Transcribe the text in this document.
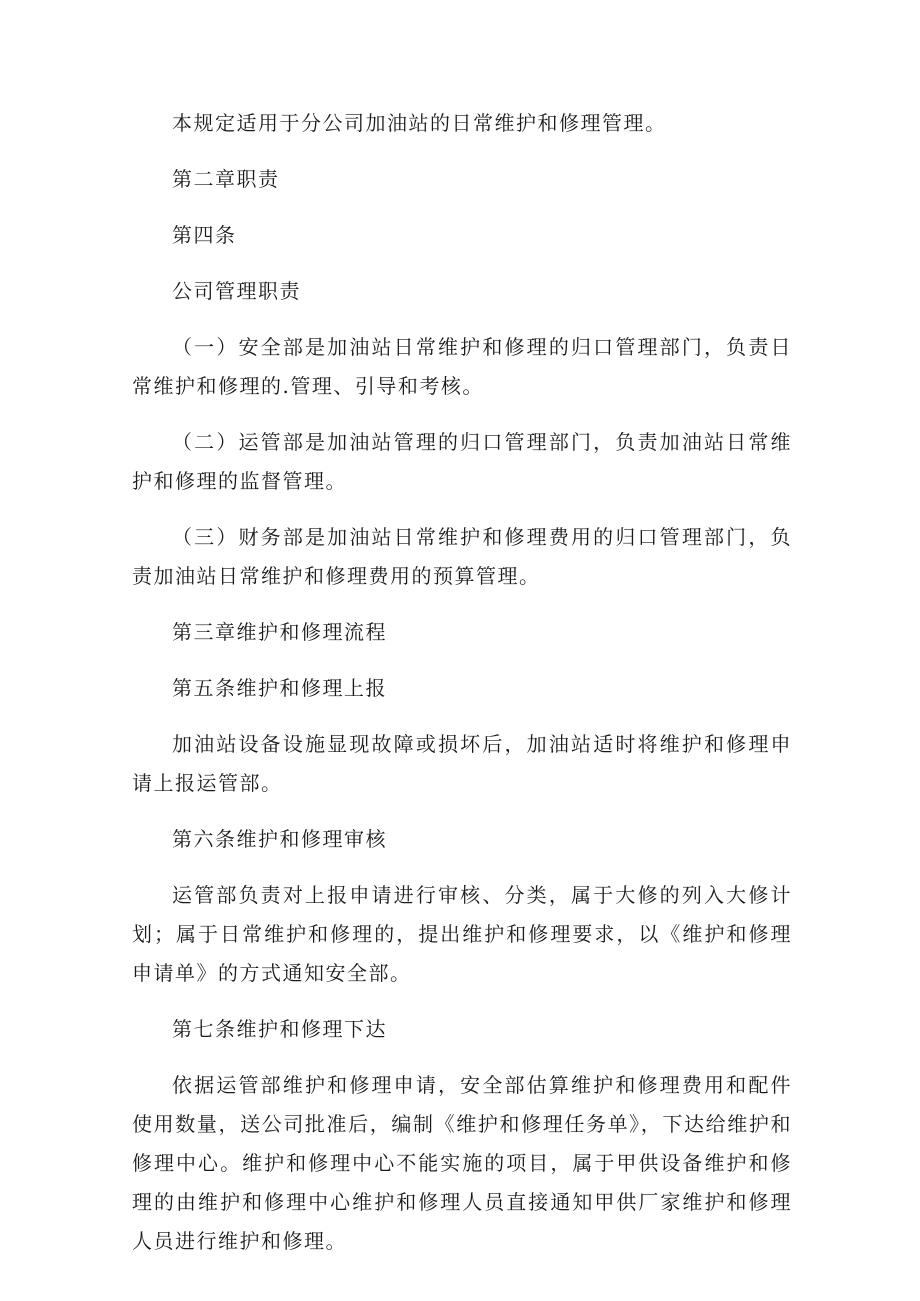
本规定适用于分公司加油站的日常维护和修理管理。

第二章职责

第四条

公司管理职责

（一）安全部是加油站日常维护和修理的归口管理部门，负责日常维护和修理的.管理、引导和考核。

（二）运管部是加油站管理的归口管理部门，负责加油站日常维护和修理的监督管理。

（三）财务部是加油站日常维护和修理费用的归口管理部门，负责加油站日常维护和修理费用的预算管理。

第三章维护和修理流程

第五条维护和修理上报

加油站设备设施显现故障或损坏后，加油站适时将维护和修理申请上报运管部。

第六条维护和修理审核

运管部负责对上报申请进行审核、分类，属于大修的列入大修计划；属于日常维护和修理的，提出维护和修理要求，以《维护和修理申请单》的方式通知安全部。

第七条维护和修理下达

依据运管部维护和修理申请，安全部估算维护和修理费用和配件使用数量，送公司批准后，编制《维护和修理任务单》，下达给维护和修理中心。维护和修理中心不能实施的项目，属于甲供设备维护和修理的由维护和修理中心维护和修理人员直接通知甲供厂家维护和修理人员进行维护和修理。
